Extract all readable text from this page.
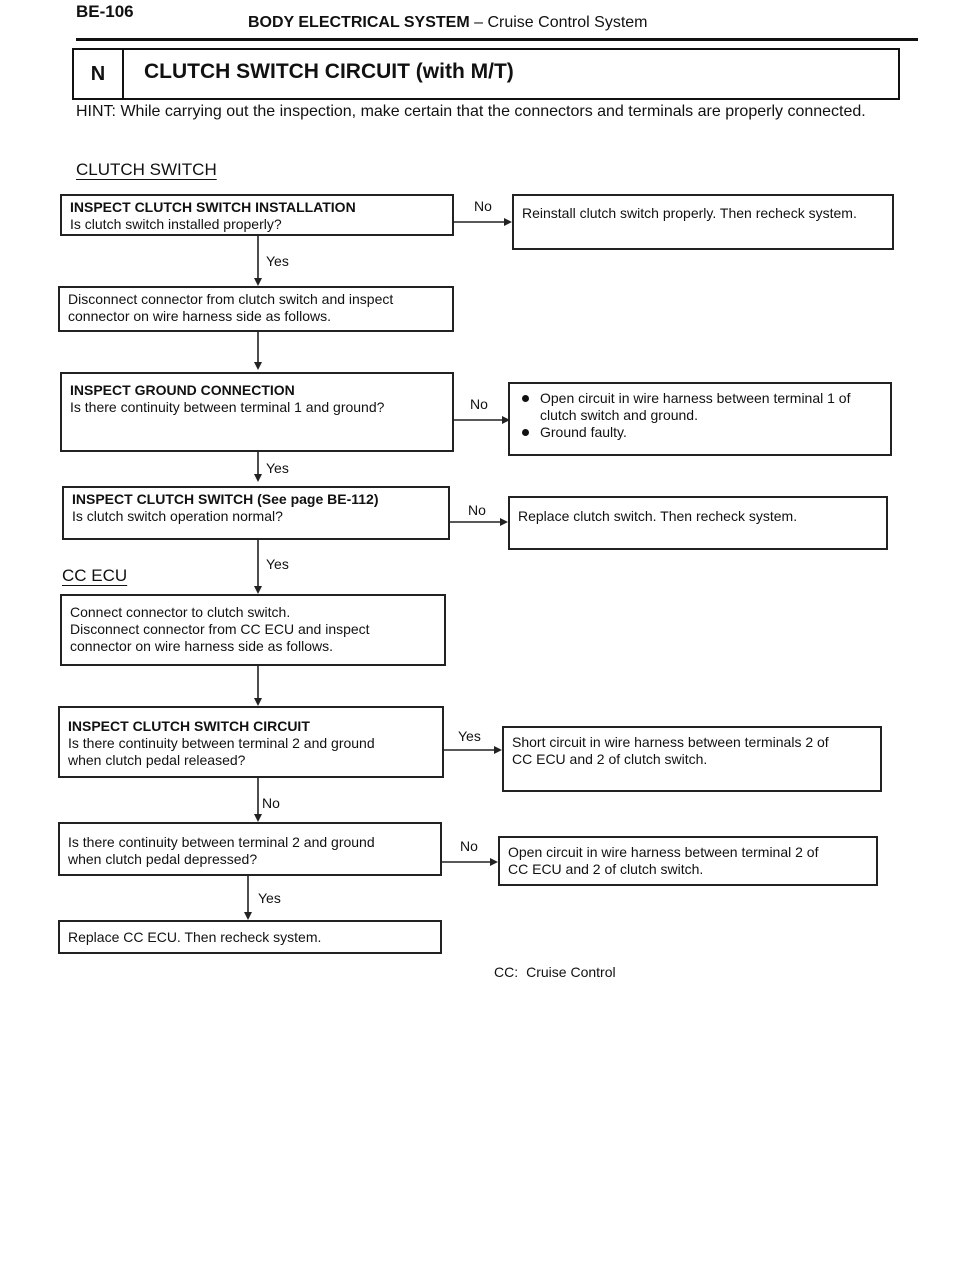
BE-106
BODY ELECTRICAL SYSTEM – Cruise Control System
N	CLUTCH SWITCH CIRCUIT (with M/T)
HINT: While carrying out the inspection, make certain that the connectors and terminals are properly connected.
CLUTCH SWITCH
CC ECU
INSPECT CLUTCH SWITCH INSTALLATION
Is clutch switch installed properly?
Disconnect connector from clutch switch and inspect
connector on wire harness side as follows.
INSPECT GROUND CONNECTION
Is there continuity between terminal 1 and ground?
INSPECT CLUTCH SWITCH (See page BE-112)
Is clutch switch operation normal?
Connect connector to clutch switch.
Disconnect connector from CC ECU and inspect
connector on wire harness side as follows.
INSPECT CLUTCH SWITCH CIRCUIT
Is there continuity between terminal 2 and ground
when clutch pedal released?
Is there continuity between terminal 2 and ground
when clutch pedal depressed?
Replace CC ECU. Then recheck system.
Reinstall clutch switch properly. Then recheck system.
Open circuit in wire harness between terminal 1 of clutch switch and ground.
Ground faulty.
Replace clutch switch. Then recheck system.
Short circuit in wire harness between terminals 2 of
CC ECU and 2 of clutch switch.
Open circuit in wire harness between terminal 2 of
CC ECU and 2 of clutch switch.
Yes
Yes
Yes
No
Yes
No
No
No
Yes
No
CC: Cruise Control
